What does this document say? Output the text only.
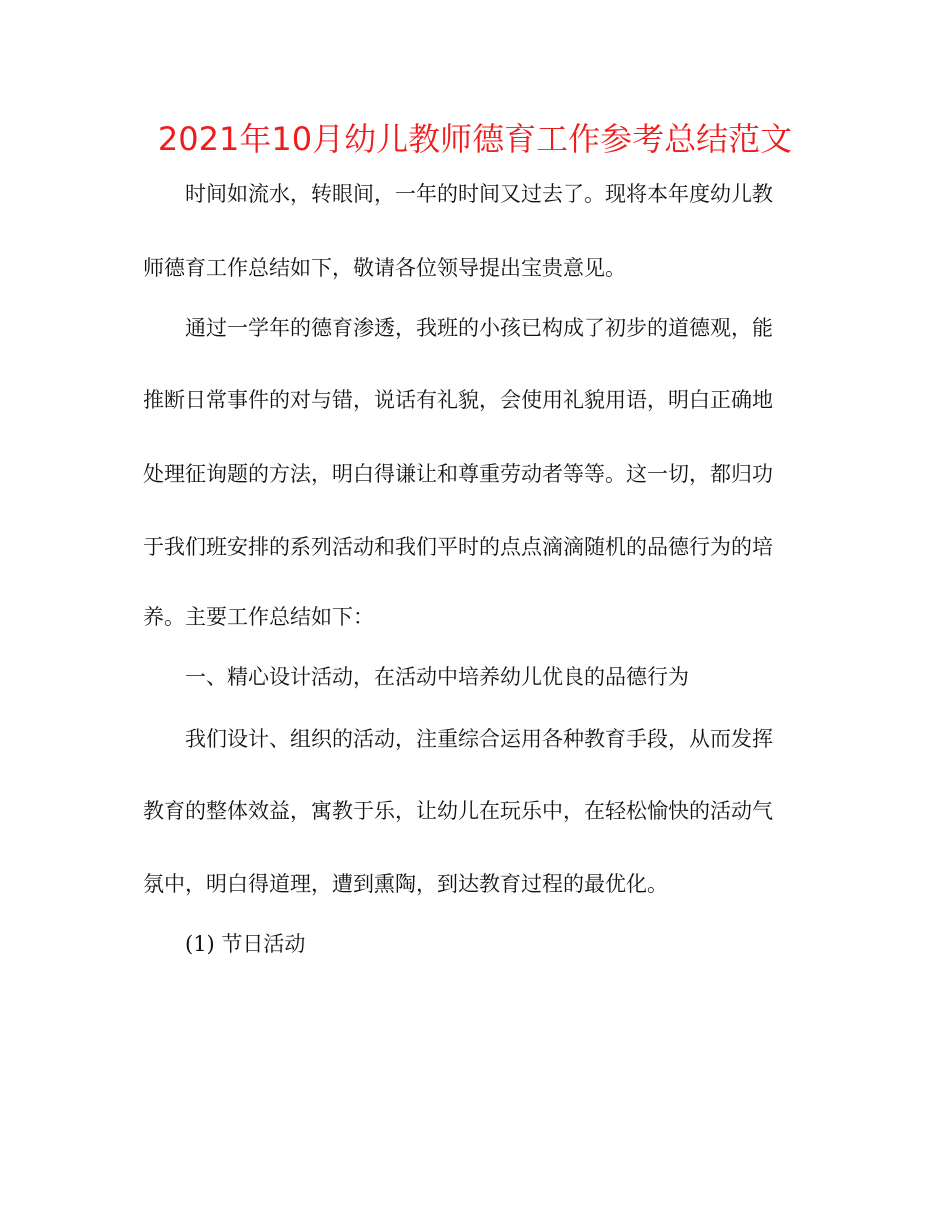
2021年10月幼儿教师德育工作参考总结范文
时间如流水，转眼间，一年的时间又过去了。现将本年度幼儿教
师德育工作总结如下，敬请各位领导提出宝贵意见。
通过一学年的德育渗透，我班的小孩已构成了初步的道德观，能
推断日常事件的对与错，说话有礼貌，会使用礼貌用语，明白正确地
处理征询题的方法，明白得谦让和尊重劳动者等等。这一切，都归功
于我们班安排的系列活动和我们平时的点点滴滴随机的品德行为的培
养。主要工作总结如下：
一、精心设计活动，在活动中培养幼儿优良的品德行为
我们设计、组织的活动，注重综合运用各种教育手段，从而发挥
教育的整体效益，寓教于乐，让幼儿在玩乐中，在轻松愉快的活动气
氛中，明白得道理，遭到熏陶，到达教育过程的最优化。
(1) 节日活动
